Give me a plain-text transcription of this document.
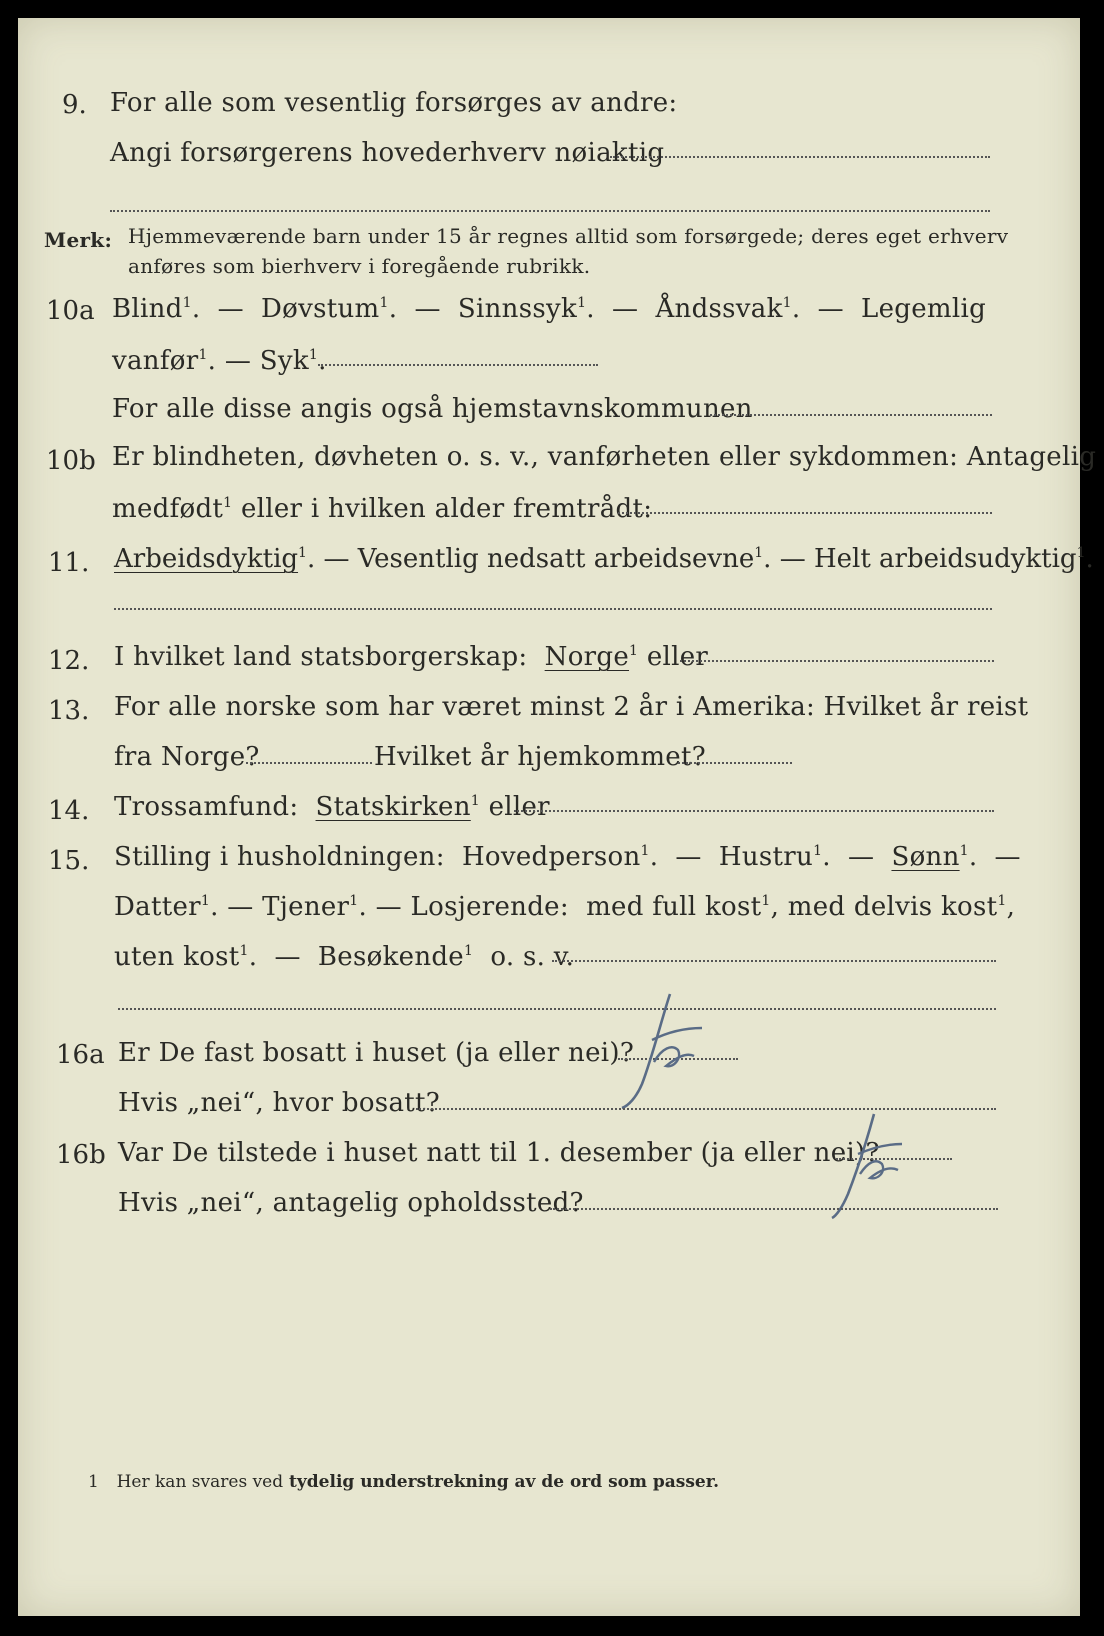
9. For alle som vesentlig forsørges av andre:
Angi forsørgerens hovederhverv nøiaktig
Merk: Hjemmeværende barn under 15 år regnes alltid som forsørgede; deres eget erhverv
anføres som bierhverv i foregående rubrikk.
10a Blind$^1$. — Døvstum$^1$. — Sinnssyk$^1$. — Åndssvak$^1$. — Legemlig
vanfør$^1$. — Syk$^1$.
For alle disse angis også hjemstavnskommunen
10b Er blindheten, døvheten o. s. v., vanførheten eller sykdommen: Antagelig
medfødt$^1$ eller i hvilken alder fremtrådt:
11. Arbeidsdyktig$^1$. — Vesentlig nedsatt arbeidsevne$^1$. — Helt arbeidsudyktig$^1$.
12. I hvilket land statsborgerskap: Norge$^1$ eller
13. For alle norske som har været minst 2 år i Amerika: Hvilket år reist
fra Norge?	Hvilket år hjemkommet?
14. Trossamfund: Statskirken$^1$ eller
15. Stilling i husholdningen: Hovedperson$^1$. — Hustru$^1$. — Sønn$^1$. —
Datter$^1$. — Tjener$^1$. — Losjerende: med full kost$^1$, med delvis kost$^1$,
uten kost$^1$. — Besøkende$^1$ o. s. v.
16a Er De fast bosatt i huset (ja eller nei)?
Hvis „nei“, hvor bosatt?
16b Var De tilstede i huset natt til 1. desember (ja eller nei)?
Hvis „nei“, antagelig opholdssted?
1 Her kan svares ved tydelig understrekning av de ord som passer.
